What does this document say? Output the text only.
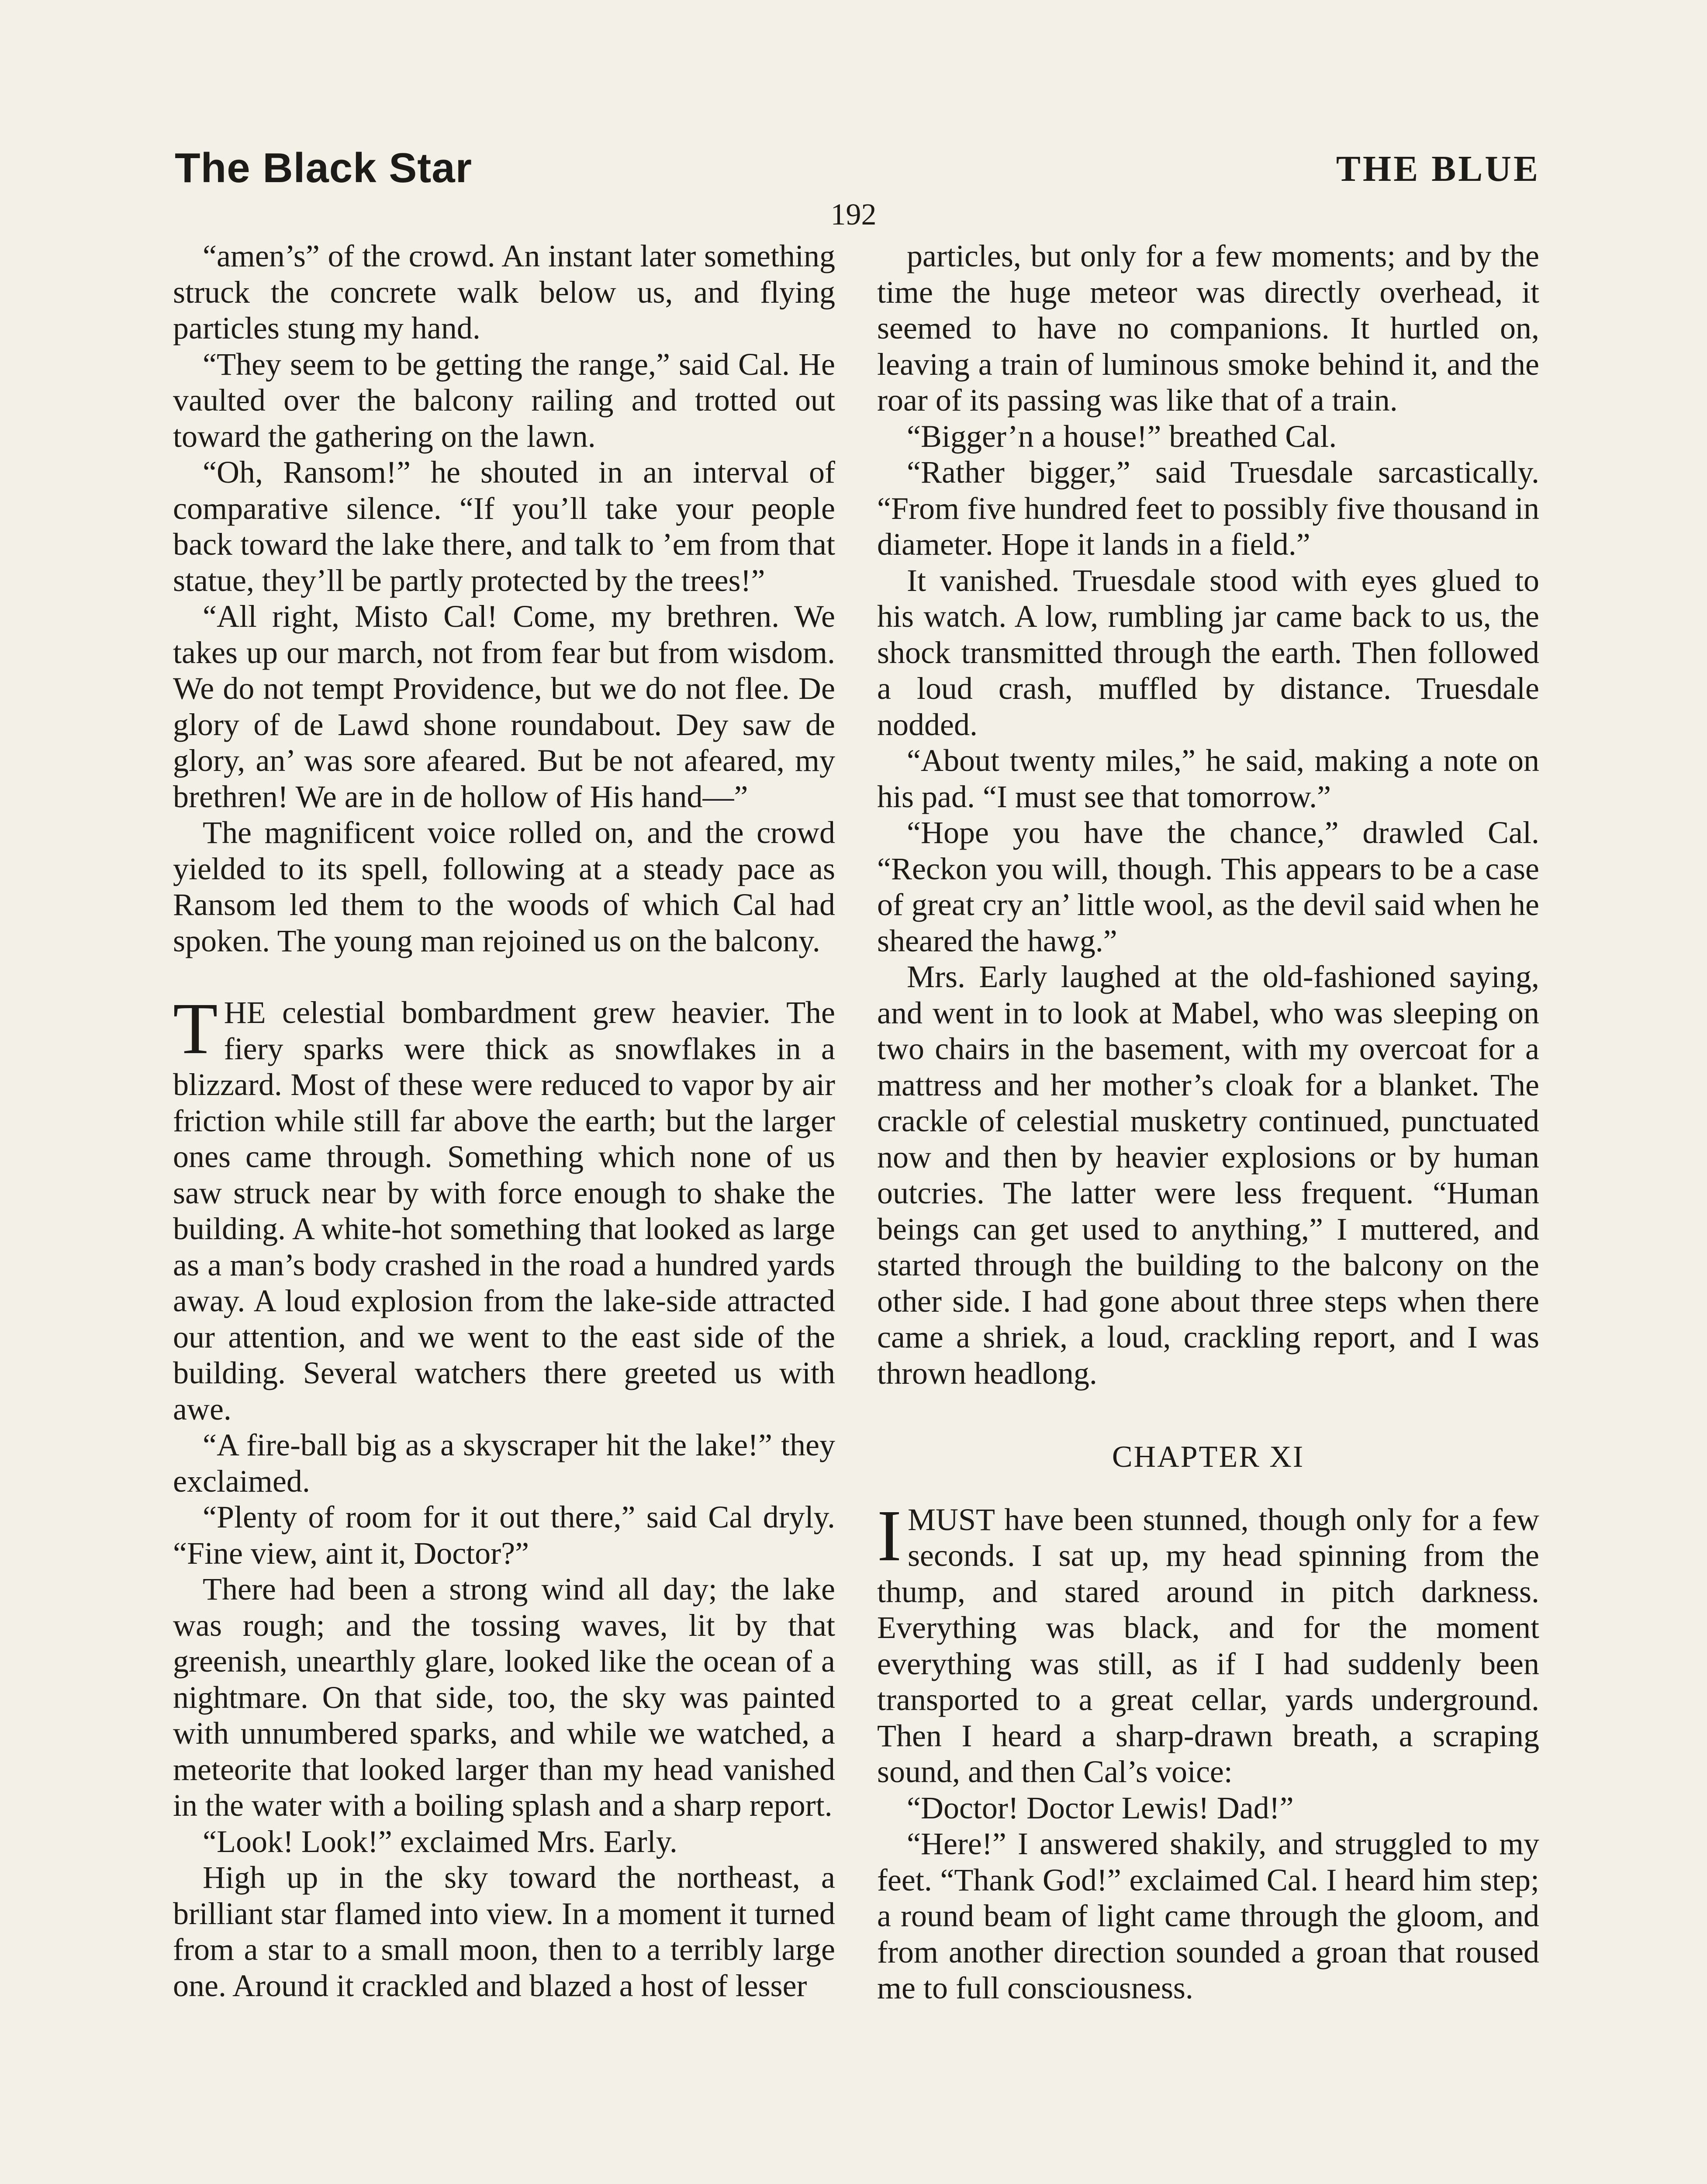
The Black Star	THE BLUE
192

“amen’s” of the crowd. An instant later something struck the concrete walk below us, and flying particles stung my hand.

“They seem to be getting the range,” said Cal. He vaulted over the balcony railing and trotted out toward the gathering on the lawn.

“Oh, Ransom!” he shouted in an interval of comparative silence. “If you’ll take your people back toward the lake there, and talk to ’em from that statue, they’ll be partly protected by the trees!”

“All right, Misto Cal! Come, my brethren. We takes up our march, not from fear but from wisdom. We do not tempt Providence, but we do not flee. De glory of de Lawd shone roundabout. Dey saw de glory, an’ was sore afeared. But be not afeared, my brethren! We are in de hollow of His hand—”

The magnificent voice rolled on, and the crowd yielded to its spell, following at a steady pace as Ransom led them to the woods of which Cal had spoken. The young man rejoined us on the balcony.

THE celestial bombardment grew heavier. The fiery sparks were thick as snowflakes in a blizzard. Most of these were reduced to vapor by air friction while still far above the earth; but the larger ones came through. Something which none of us saw struck near by with force enough to shake the building. A white-hot something that looked as large as a man’s body crashed in the road a hundred yards away. A loud explosion from the lake-side attracted our attention, and we went to the east side of the building. Several watchers there greeted us with awe.

“A fire-ball big as a skyscraper hit the lake!” they exclaimed.

“Plenty of room for it out there,” said Cal dryly. “Fine view, aint it, Doctor?”

There had been a strong wind all day; the lake was rough; and the tossing waves, lit by that greenish, unearthly glare, looked like the ocean of a nightmare. On that side, too, the sky was painted with unnumbered sparks, and while we watched, a meteorite that looked larger than my head vanished in the water with a boiling splash and a sharp report.

“Look! Look!” exclaimed Mrs. Early.

High up in the sky toward the northeast, a brilliant star flamed into view. In a moment it turned from a star to a small moon, then to a terribly large one. Around it crackled and blazed a host of lesser

particles, but only for a few moments; and by the time the huge meteor was directly overhead, it seemed to have no companions. It hurtled on, leaving a train of luminous smoke behind it, and the roar of its passing was like that of a train.

“Bigger’n a house!” breathed Cal.

“Rather bigger,” said Truesdale sarcastically. “From five hundred feet to possibly five thousand in diameter. Hope it lands in a field.”

It vanished. Truesdale stood with eyes glued to his watch. A low, rumbling jar came back to us, the shock transmitted through the earth. Then followed a loud crash, muffled by distance. Truesdale nodded.

“About twenty miles,” he said, making a note on his pad. “I must see that tomorrow.”

“Hope you have the chance,” drawled Cal. “Reckon you will, though. This appears to be a case of great cry an’ little wool, as the devil said when he sheared the hawg.”

Mrs. Early laughed at the old-fashioned saying, and went in to look at Mabel, who was sleeping on two chairs in the basement, with my overcoat for a mattress and her mother’s cloak for a blanket. The crackle of celestial musketry continued, punctuated now and then by heavier explosions or by human outcries. The latter were less frequent. “Human beings can get used to anything,” I muttered, and started through the building to the balcony on the other side. I had gone about three steps when there came a shriek, a loud, crackling report, and I was thrown headlong.

CHAPTER XI

IMUST have been stunned, though only for a few seconds. I sat up, my head spinning from the thump, and stared around in pitch darkness. Everything was black, and for the moment everything was still, as if I had suddenly been transported to a great cellar, yards underground. Then I heard a sharp-drawn breath, a scraping sound, and then Cal’s voice:

“Doctor! Doctor Lewis! Dad!”

“Here!” I answered shakily, and struggled to my feet. “Thank God!” exclaimed Cal. I heard him step; a round beam of light came through the gloom, and from another direction sounded a groan that roused me to full consciousness.
